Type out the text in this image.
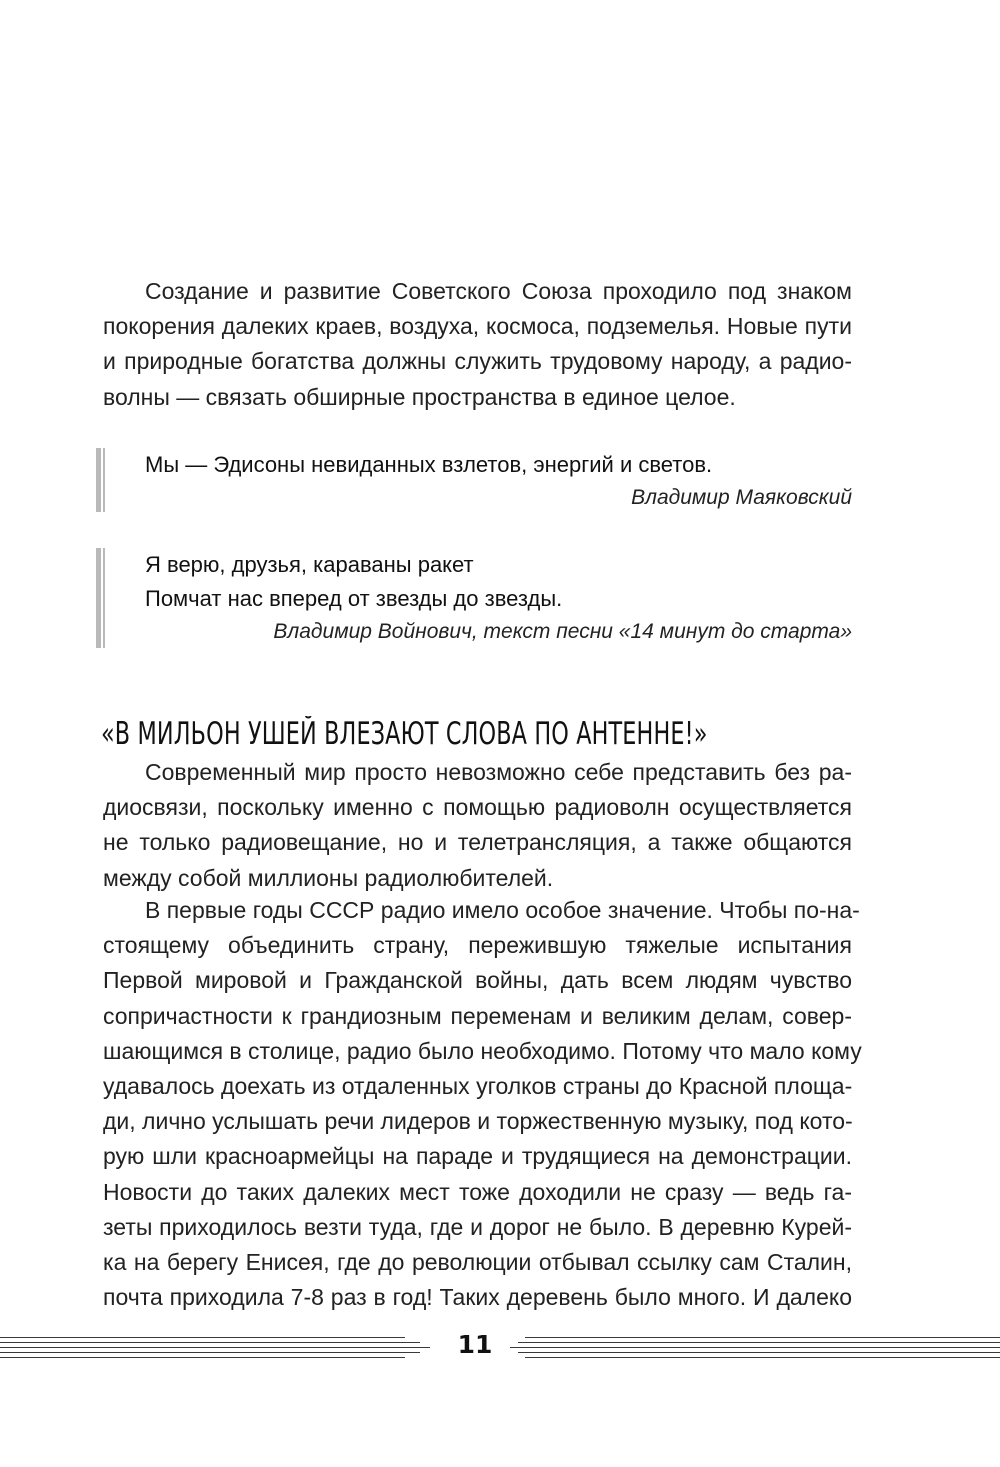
Создание и развитие Советского Союза проходило под знаком
покорения далеких краев, воздуха, космоса, подземелья. Новые пути
и природные богатства должны служить трудовому народу, а радио-
волны — связать обширные пространства в единое целое.
Мы — Эдисоны невиданных взлетов, энергий и светов.
Владимир Маяковский
Я верю, друзья, караваны ракет
Помчат нас вперед от звезды до звезды.
Владимир Войнович, текст песни «14 минут до старта»
«В МИЛЬОН УШЕЙ ВЛЕЗАЮТ СЛОВА ПО АНТЕННЕ!»
Современный мир просто невозможно себе представить без ра-
диосвязи, поскольку именно с помощью радиоволн осуществляется
не только радиовещание, но и телетрансляция, а также общаются
между собой миллионы радиолюбителей.
В первые годы СССР радио имело особое значение. Чтобы по-на-
стоящему объединить страну, пережившую тяжелые испытания
Первой мировой и Гражданской войны, дать всем людям чувство
сопричастности к грандиозным переменам и великим делам, совер-
шающимся в столице, радио было необходимо. Потому что мало кому
удавалось доехать из отдаленных уголков страны до Красной площа-
ди, лично услышать речи лидеров и торжественную музыку, под кото-
рую шли красноармейцы на параде и трудящиеся на демонстрации.
Новости до таких далеких мест тоже доходили не сразу — ведь га-
зеты приходилось везти туда, где и дорог не было. В деревню Курей-
ка на берегу Енисея, где до революции отбывал ссылку сам Сталин,
почта приходила 7-8 раз в год! Таких деревень было много. И далеко
11
